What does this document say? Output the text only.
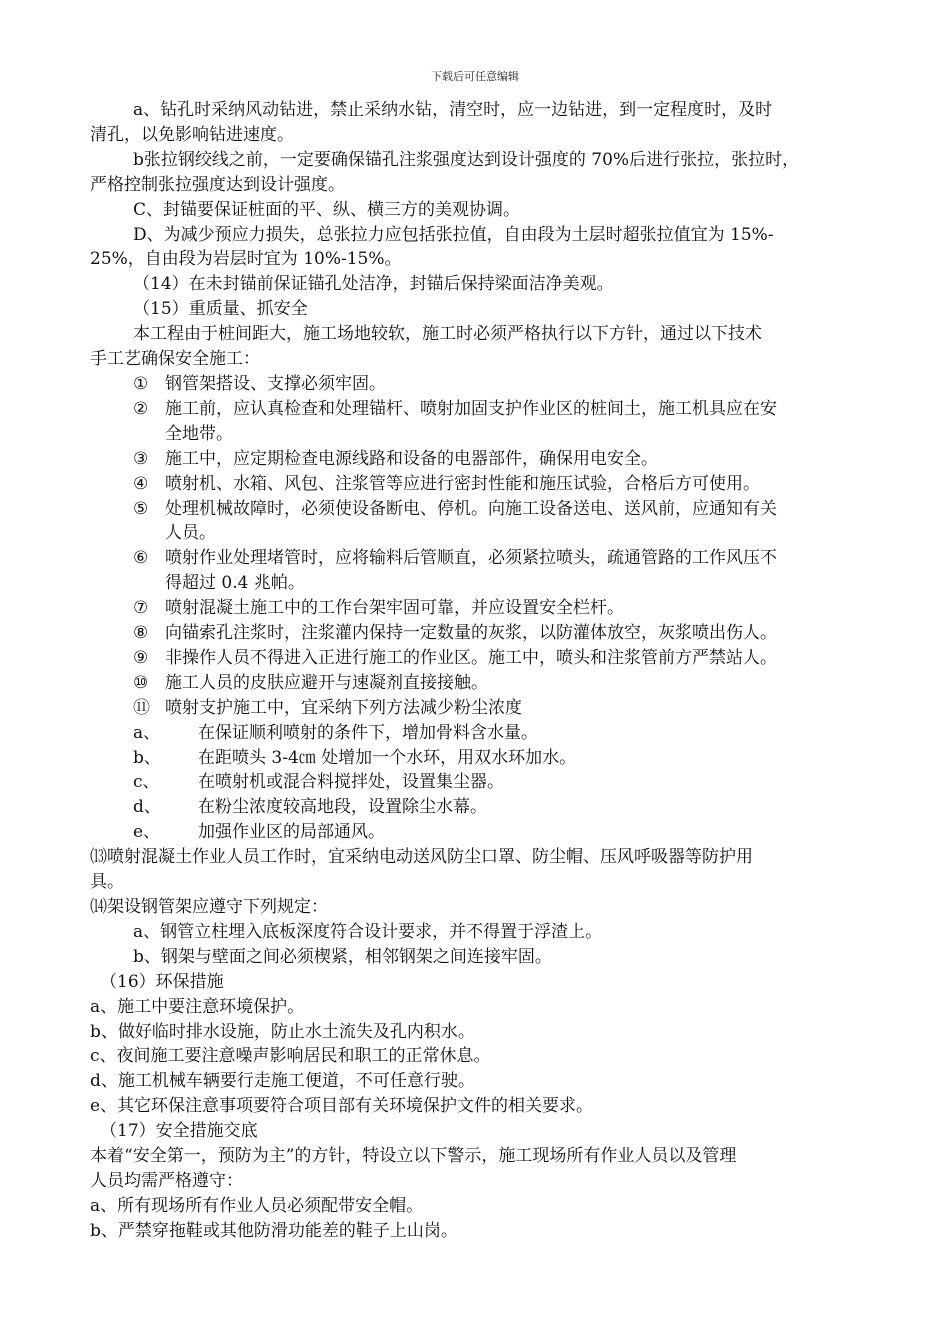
下载后可任意编辑

a、钻孔时采纳风动钻进，禁止采纳水钻，清空时，应一边钻进，到一定程度时，及时

清孔，以免影响钻进速度。

b张拉钢绞线之前，一定要确保锚孔注浆强度达到设计强度的 70%后进行张拉，张拉时，

严格控制张拉强度达到设计强度。

C、封锚要保证桩面的平、纵、横三方的美观协调。

D、为减少预应力损失，总张拉力应包括张拉值，自由段为土层时超张拉值宜为 15%-

25%，自由段为岩层时宜为 10%-15%。

（14）在未封锚前保证锚孔处洁净，封锚后保持梁面洁净美观。

（15）重质量、抓安全

本工程由于桩间距大，施工场地较软，施工时必须严格执行以下方针，通过以下技术

手工艺确保安全施工：

① 钢管架搭设、支撑必须牢固。

② 施工前，应认真检查和处理锚杆、喷射加固支护作业区的桩间土，施工机具应在安

全地带。

③ 施工中，应定期检查电源线路和设备的电器部件，确保用电安全。

④ 喷射机、水箱、风包、注浆管等应进行密封性能和施压试验，合格后方可使用。

⑤ 处理机械故障时，必须使设备断电、停机。向施工设备送电、送风前，应通知有关

人员。

⑥ 喷射作业处理堵管时，应将输料后管顺直，必须紧拉喷头，疏通管路的工作风压不

得超过 0.4 兆帕。

⑦ 喷射混凝土施工中的工作台架牢固可靠，并应设置安全栏杆。

⑧ 向锚索孔注浆时，注浆灌内保持一定数量的灰浆，以防灌体放空，灰浆喷出伤人。

⑨ 非操作人员不得进入正进行施工的作业区。施工中，喷头和注浆管前方严禁站人。

⑩ 施工人员的皮肤应避开与速凝剂直接接触。

⑪ 喷射支护施工中，宜采纳下列方法减少粉尘浓度

a、 在保证顺利喷射的条件下，增加骨料含水量。

b、 在距喷头 3-4㎝ 处增加一个水环，用双水环加水。

c、 在喷射机或混合料搅拌处，设置集尘器。

d、 在粉尘浓度较高地段，设置除尘水幕。

e、 加强作业区的局部通风。

⒀喷射混凝土作业人员工作时，宜采纳电动送风防尘口罩、防尘帽、压风呼吸器等防护用

具。

⒁架设钢管架应遵守下列规定：

a、钢管立柱埋入底板深度符合设计要求，并不得置于浮渣上。

b、钢架与壁面之间必须楔紧，相邻钢架之间连接牢固。

（16）环保措施

a、施工中要注意环境保护。

b、做好临时排水设施，防止水土流失及孔内积水。

c、夜间施工要注意噪声影响居民和职工的正常休息。

d、施工机械车辆要行走施工便道，不可任意行驶。

e、其它环保注意事项要符合项目部有关环境保护文件的相关要求。

（17）安全措施交底

本着“安全第一，预防为主”的方针，特设立以下警示，施工现场所有作业人员以及管理

人员均需严格遵守：

a、所有现场所有作业人员必须配带安全帽。

b、严禁穿拖鞋或其他防滑功能差的鞋子上山岗。
